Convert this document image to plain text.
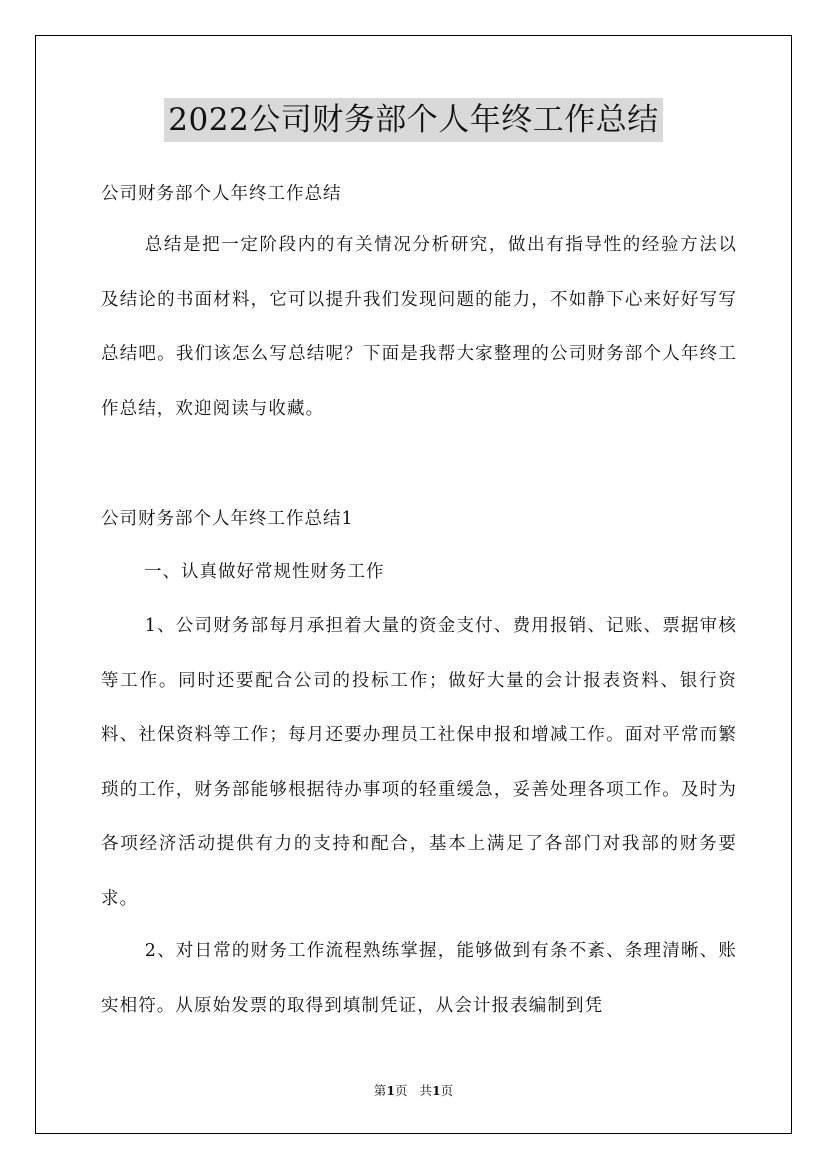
2022公司财务部个人年终工作总结
公司财务部个人年终工作总结

总结是把一定阶段内的有关情况分析研究，做出有指导性的经验方法以及结论的书面材料，它可以提升我们发现问题的能力，不如静下心来好好写写总结吧。我们该怎么写总结呢？下面是我帮大家整理的公司财务部个人年终工作总结，欢迎阅读与收藏。

公司财务部个人年终工作总结1
一、认真做好常规性财务工作

1、公司财务部每月承担着大量的资金支付、费用报销、记账、票据审核等工作。同时还要配合公司的投标工作；做好大量的会计报表资料、银行资料、社保资料等工作；每月还要办理员工社保申报和增减工作。面对平常而繁琐的工作，财务部能够根据待办事项的轻重缓急，妥善处理各项工作。及时为各项经济活动提供有力的支持和配合，基本上满足了各部门对我部的财务要求。

2、对日常的财务工作流程熟练掌握，能够做到有条不紊、条理清晰、账实相符。从原始发票的取得到填制凭证，从会计报表编制到凭

第1页 共1页
